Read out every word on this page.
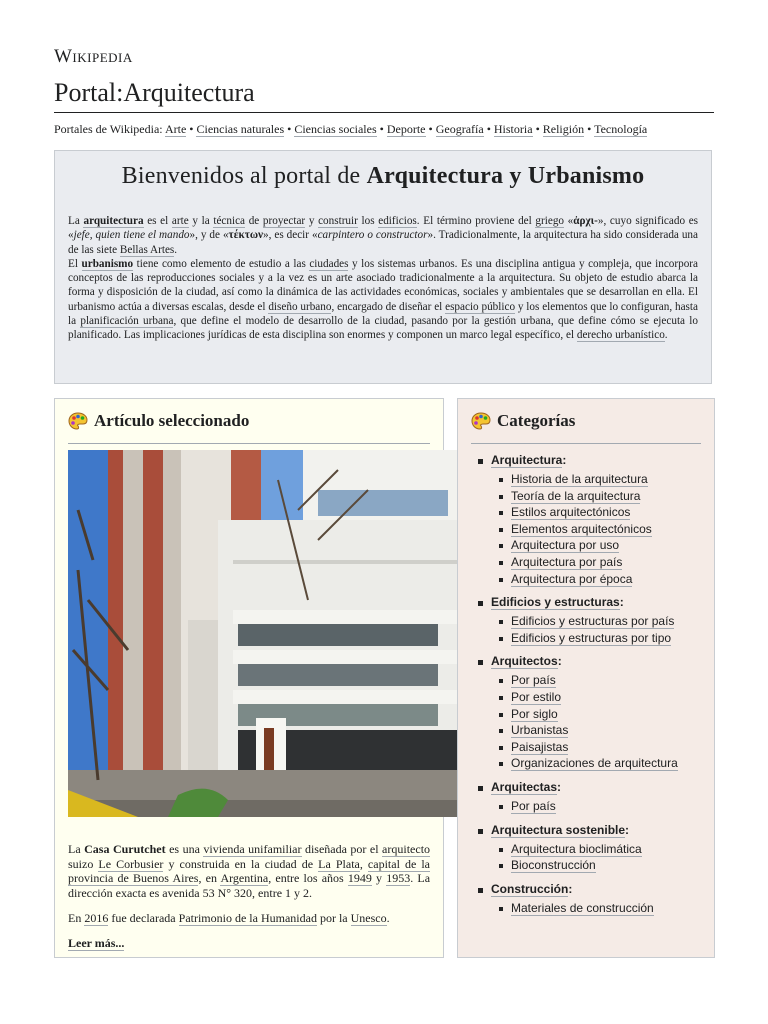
Wikipedia
Portal:Arquitectura
Portales de Wikipedia: Arte • Ciencias naturales • Ciencias sociales • Deporte • Geografía • Historia • Religión • Tecnología
Bienvenidos al portal de Arquitectura y Urbanismo

La arquitectura es el arte y la técnica de proyectar y construir los edificios. El término proviene del griego «ἀρχι-», cuyo significado es «jefe, quien tiene el mando», y de «τέκτων», es decir «carpintero o constructor». Tradicionalmente, la arquitectura ha sido considerada una de las siete Bellas Artes.

El urbanismo tiene como elemento de estudio a las ciudades y los sistemas urbanos. Es una disciplina antigua y compleja, que incorpora conceptos de las reproducciones sociales y a la vez es un arte asociado tradicionalmente a la arquitectura. Su objeto de estudio abarca la forma y disposición de la ciudad, así como la dinámica de las actividades económicas, sociales y ambientales que se desarrollan en ella. El urbanismo actúa a diversas escalas, desde el diseño urbano, encargado de diseñar el espacio público y los elementos que lo configuran, hasta la planificación urbana, que define el modelo de desarrollo de la ciudad, pasando por la gestión urbana, que define cómo se ejecuta lo planificado. Las implicaciones jurídicas de esta disciplina son enormes y componen un marco legal específico, el derecho urbanístico.

Artículo seleccionado

La Casa Curutchet es una vivienda unifamiliar diseñada por el arquitecto suizo Le Corbusier y construida en la ciudad de La Plata, capital de la provincia de Buenos Aires, en Argentina, entre los años 1949 y 1953. La dirección exacta es avenida 53 N° 320, entre 1 y 2.

En 2016 fue declarada Patrimonio de la Humanidad por la Unesco.

Leer más...

Categorías
Arquitectura:
Historia de la arquitectura
Teoría de la arquitectura
Estilos arquitectónicos
Elementos arquitectónicos
Arquitectura por uso
Arquitectura por país
Arquitectura por época
Edificios y estructuras:
Edificios y estructuras por país
Edificios y estructuras por tipo
Arquitectos:
Por país
Por estilo
Por siglo
Urbanistas
Paisajistas
Organizaciones de arquitectura
Arquitectas:
Por país
Arquitectura sostenible:
Arquitectura bioclimática
Bioconstrucción
Construcción:
Materiales de construcción
